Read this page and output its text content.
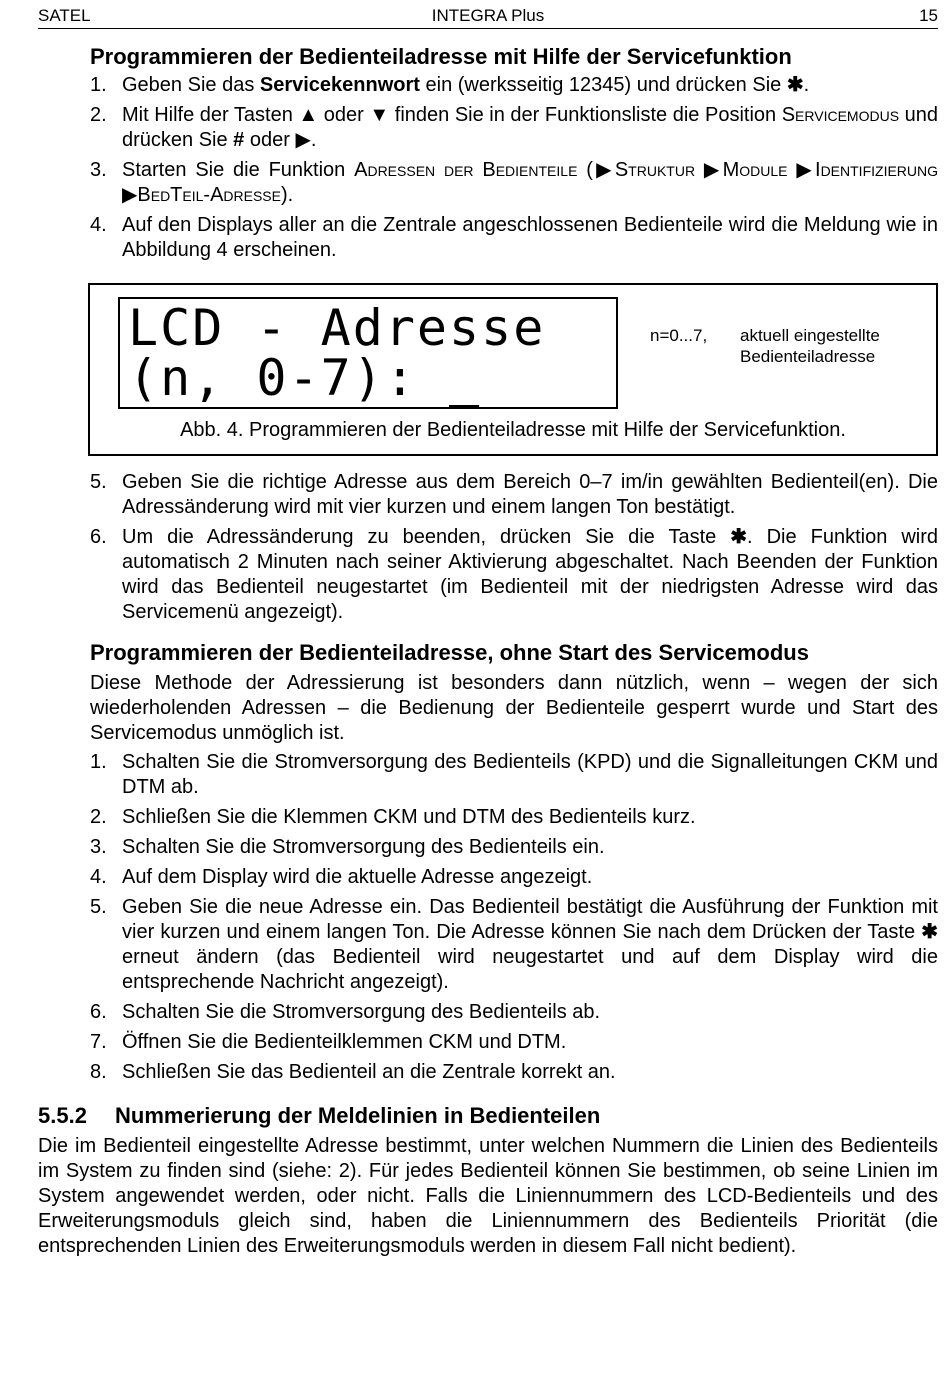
SATEL	INTEGRA Plus	15
Programmieren der Bedienteiladresse mit Hilfe der Servicefunktion
1. Geben Sie das Servicekennwort ein (werksseitig 12345) und drücken Sie ✱.
2. Mit Hilfe der Tasten ▲ oder ▼ finden Sie in der Funktionsliste die Position Servicemodus und drücken Sie # oder ▶.
3. Starten Sie die Funktion Adressen der Bedienteile (▶Struktur ▶Module ▶Identifizierung ▶BedTeil-Adresse).
4. Auf den Displays aller an die Zentrale angeschlossenen Bedienteile wird die Meldung wie in Abbildung 4 erscheinen.
LCD - Adresse
(n, 0-7): _
n=0...7,	aktuell eingestellte Bedienteiladresse
Abb. 4. Programmieren der Bedienteiladresse mit Hilfe der Servicefunktion.
5. Geben Sie die richtige Adresse aus dem Bereich 0–7 im/in gewählten Bedienteil(en). Die Adressänderung wird mit vier kurzen und einem langen Ton bestätigt.
6. Um die Adressänderung zu beenden, drücken Sie die Taste ✱. Die Funktion wird automatisch 2 Minuten nach seiner Aktivierung abgeschaltet. Nach Beenden der Funktion wird das Bedienteil neugestartet (im Bedienteil mit der niedrigsten Adresse wird das Servicemenü angezeigt).
Programmieren der Bedienteiladresse, ohne Start des Servicemodus
Diese Methode der Adressierung ist besonders dann nützlich, wenn – wegen der sich wiederholenden Adressen – die Bedienung der Bedienteile gesperrt wurde und Start des Servicemodus unmöglich ist.
1. Schalten Sie die Stromversorgung des Bedienteils (KPD) und die Signalleitungen CKM und DTM ab.
2. Schließen Sie die Klemmen CKM und DTM des Bedienteils kurz.
3. Schalten Sie die Stromversorgung des Bedienteils ein.
4. Auf dem Display wird die aktuelle Adresse angezeigt.
5. Geben Sie die neue Adresse ein. Das Bedienteil bestätigt die Ausführung der Funktion mit vier kurzen und einem langen Ton. Die Adresse können Sie nach dem Drücken der Taste ✱ erneut ändern (das Bedienteil wird neugestartet und auf dem Display wird die entsprechende Nachricht angezeigt).
6. Schalten Sie die Stromversorgung des Bedienteils ab.
7. Öffnen Sie die Bedienteilklemmen CKM und DTM.
8. Schließen Sie das Bedienteil an die Zentrale korrekt an.
5.5.2 Nummerierung der Meldelinien in Bedienteilen
Die im Bedienteil eingestellte Adresse bestimmt, unter welchen Nummern die Linien des Bedienteils im System zu finden sind (siehe: 2). Für jedes Bedienteil können Sie bestimmen, ob seine Linien im System angewendet werden, oder nicht. Falls die Liniennummern des LCD-Bedienteils und des Erweiterungsmoduls gleich sind, haben die Liniennummern des Bedienteils Priorität (die entsprechenden Linien des Erweiterungsmoduls werden in diesem Fall nicht bedient).
